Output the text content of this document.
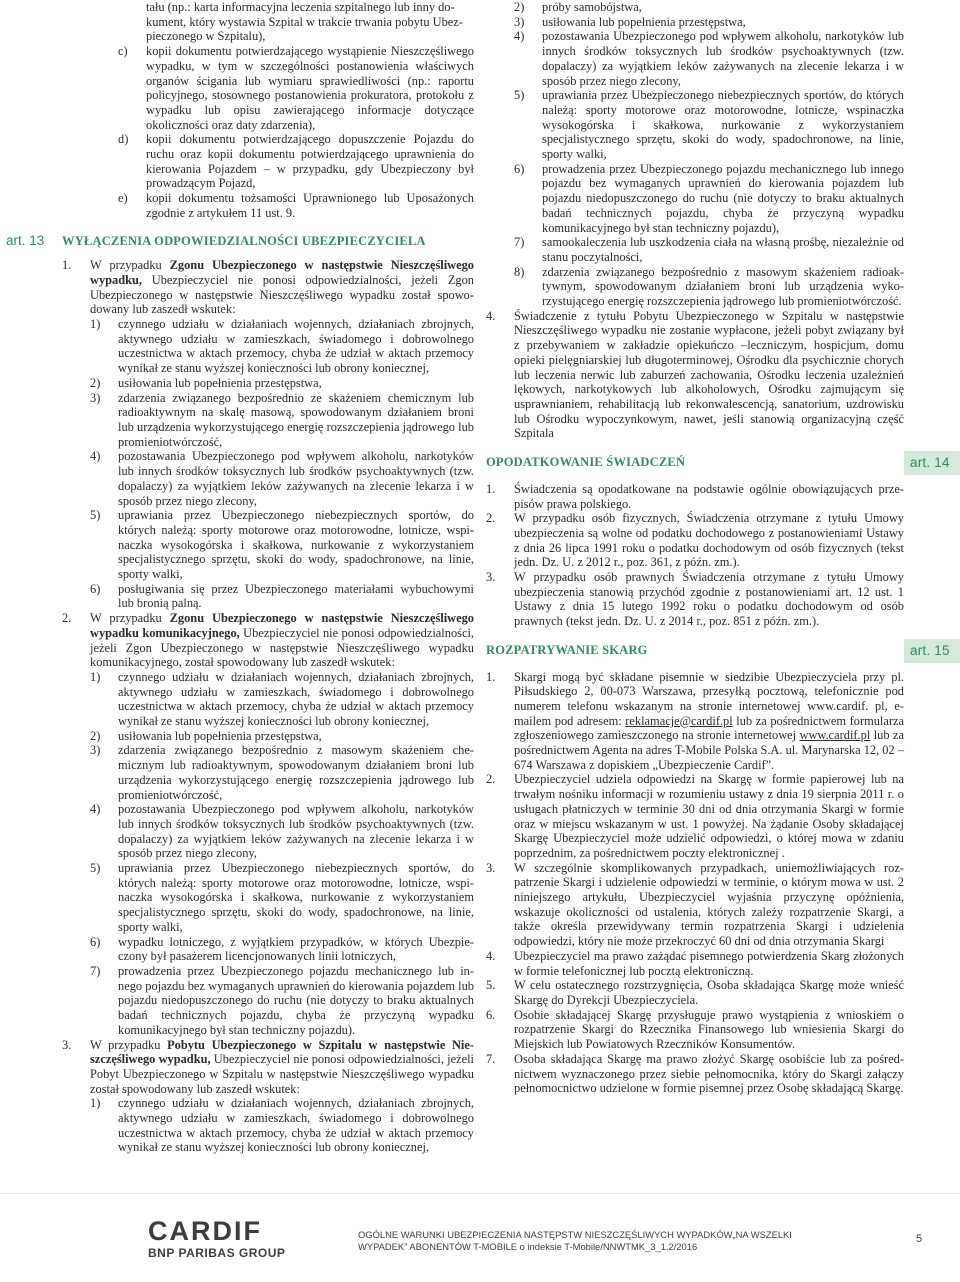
tału (np.: karta informacyjna leczenia szpitalnego lub inny do-
kument, który wystawia Szpital w trakcie trwania pobytu Ubez-
pieczonego w Szpitalu),
c) kopii dokumentu potwierdzającego wystąpienie Nieszczęśliwego wypadku, w tym w szczególności postanowienia właściwych organów ścigania lub wymiaru sprawiedliwości (np.: raportu policyjnego, stosownego postanowienia prokuratora, protokołu z wypadku lub opisu zawierającego informacje dotyczące okoliczności oraz daty zdarzenia),
d) kopii dokumentu potwierdzającego dopuszczenie Pojazdu do ruchu oraz kopii dokumentu potwierdzającego uprawnienia do kierowania Pojazdem – w przypadku, gdy Ubezpieczony był prowadzącym Pojazd,
e) kopii dokumentu tożsamości Uprawnionego lub Uposażonych zgodnie z artykułem 11 ust. 9.
art. 13	WYŁĄCZENIA ODPOWIEDZIALNOŚCI UBEZPIECZYCIELA
1. W przypadku Zgonu Ubezpieczonego w następstwie Nieszczęśliwego wypadku, Ubezpieczyciel nie ponosi odpowiedzialności, jeżeli Zgon Ubezpieczonego w następstwie Nieszczęśliwego wypadku został spowodowany lub zaszedł wskutek:
1) czynnego udziału w działaniach wojennych, działaniach zbrojnych, aktywnego udziału w zamieszkach, świadomego i dobrowolnego uczestnictwa w aktach przemocy, chyba że udział w aktach przemocy wynikał ze stanu wyższej konieczności lub obrony koniecznej,
2) usiłowania lub popełnienia przestępstwa,
3) zdarzenia związanego bezpośrednio ze skażeniem chemicznym lub radioaktywnym na skalę masową, spowodowanym działaniem broni lub urządzenia wykorzystującego energię rozszczepienia jądrowego lub promieniotwórczość,
4) pozostawania Ubezpieczonego pod wpływem alkoholu, narkotyków lub innych środków toksycznych lub środków psychoaktywnych (tzw. dopalaczy) za wyjątkiem leków zażywanych na zlecenie lekarza i w sposób przez niego zlecony,
5) uprawiania przez Ubezpieczonego niebezpiecznych sportów, do których należą: sporty motorowe oraz motorowodne, lotnicze, wspinaczka wysokogórska i skałkowa, nurkowanie z wykorzystaniem specjalistycznego sprzętu, skoki do wody, spadochronowe, na linie, sporty walki,
6) posługiwania się przez Ubezpieczonego materiałami wybuchowymi lub bronią palną.
2. W przypadku Zgonu Ubezpieczonego w następstwie Nieszczęśliwego wypadku komunikacyjnego, Ubezpieczyciel nie ponosi odpowiedzialności, jeżeli Zgon Ubezpieczonego w następstwie Nieszczęśliwego wypadku komunikacyjnego, został spowodowany lub zaszedł wskutek:
1) czynnego udziału w działaniach wojennych, działaniach zbrojnych, aktywnego udziału w zamieszkach, świadomego i dobrowolnego uczestnictwa w aktach przemocy, chyba że udział w aktach przemocy wynikał ze stanu wyższej konieczności lub obrony koniecznej,
2) usiłowania lub popełnienia przestępstwa,
3) zdarzenia związanego bezpośrednio z masowym skażeniem chemicznym lub radioaktywnym, spowodowanym działaniem broni lub urządzenia wykorzystującego energię rozszczepienia jądrowego lub promieniotwórczość,
4) pozostawania Ubezpieczonego pod wpływem alkoholu, narkotyków lub innych środków toksycznych lub środków psychoaktywnych (tzw. dopalaczy) za wyjątkiem leków zażywanych na zlecenie lekarza i w sposób przez niego zlecony,
5) uprawiania przez Ubezpieczonego niebezpiecznych sportów, do których należą: sporty motorowe oraz motorowodne, lotnicze, wspinaczka wysokogórska i skałkowa, nurkowanie z wykorzystaniem specjalistycznego sprzętu, skoki do wody, spadochronowe, na linie, sporty walki,
6) wypadku lotniczego, z wyjątkiem przypadków, w których Ubezpieczony był pasażerem licencjonowanych linii lotniczych,
7) prowadzenia przez Ubezpieczonego pojazdu mechanicznego lub innego pojazdu bez wymaganych uprawnień do kierowania pojazdem lub pojazdu niedopuszczonego do ruchu (nie dotyczy to braku aktualnych badań technicznych pojazdu, chyba że przyczyną wypadku komunikacyjnego był stan techniczny pojazdu).
3. W przypadku Pobytu Ubezpieczonego w Szpitalu w następstwie Nieszczęśliwego wypadku, Ubezpieczyciel nie ponosi odpowiedzialności, jeżeli Pobyt Ubezpieczonego w Szpitalu w następstwie Nieszczęśliwego wypadku został spowodowany lub zaszedł wskutek:
1) czynnego udziału w działaniach wojennych, działaniach zbrojnych, aktywnego udziału w zamieszkach, świadomego i dobrowolnego uczestnictwa w aktach przemocy, chyba że udział w aktach przemocy wynikał ze stanu wyższej konieczności lub obrony koniecznej,
2) próby samobójstwa,
3) usiłowania lub popełnienia przestępstwa,
4) pozostawania Ubezpieczonego pod wpływem alkoholu, narkotyków lub innych środków toksycznych lub środków psychoaktywnych (tzw. dopalaczy) za wyjątkiem leków zażywanych na zlecenie lekarza i w sposób przez niego zlecony,
5) uprawiania przez Ubezpieczonego niebezpiecznych sportów, do których należą: sporty motorowe oraz motorowodne, lotnicze, wspinaczka wysokogórska i skałkowa, nurkowanie z wykorzystaniem specjalistycznego sprzętu, skoki do wody, spadochronowe, na linie, sporty walki,
6) prowadzenia przez Ubezpieczonego pojazdu mechanicznego lub innego pojazdu bez wymaganych uprawnień do kierowania pojazdem lub pojazdu niedopuszczonego do ruchu (nie dotyczy to braku aktualnych badań technicznych pojazdu, chyba że przyczyną wypadku komunikacyjnego był stan techniczny pojazdu),
7) samookaleczenia lub uszkodzenia ciała na własną prośbę, niezależnie od stanu poczytalności,
8) zdarzenia związanego bezpośrednio z masowym skażeniem radioaktywnym, spowodowanym działaniem broni lub urządzenia wykorzystującego energię rozszczepienia jądrowego lub promieniotwórczość.
4. Świadczenie z tytułu Pobytu Ubezpieczonego w Szpitalu w następstwie Nieszczęśliwego wypadku nie zostanie wypłacone, jeżeli pobyt związany był z przebywaniem w zakładzie opiekuńczo –leczniczym, hospicjum, domu opieki pielęgniarskiej lub długoterminowej, Ośrodku dla psychicznie chorych lub leczenia nerwic lub zaburzeń zachowania, Ośrodku leczenia uzależnień lękowych, narkotykowych lub alkoholowych, Ośrodku zajmującym się usprawnianiem, rehabilitacją lub rekonwalescencją, sanatorium, uzdrowisku lub Ośrodku wypoczynkowym, nawet, jeśli stanowią organizacyjną część Szpitala
OPODATKOWANIE ŚWIADCZEŃ	art. 14
1. Świadczenia są opodatkowane na podstawie ogólnie obowiązujących przepisów prawa polskiego.
2. W przypadku osób fizycznych, Świadczenia otrzymane z tytułu Umowy ubezpieczenia są wolne od podatku dochodowego z postanowieniami Ustawy z dnia 26 lipca 1991 roku o podatku dochodowym od osób fizycznych (tekst jedn. Dz. U. z 2012 r., poz. 361, z późn. zm.).
3. W przypadku osób prawnych Świadczenia otrzymane z tytułu Umowy ubezpieczenia stanowią przychód zgodnie z postanowieniami art. 12 ust. 1 Ustawy z dnia 15 lutego 1992 roku o podatku dochodowym od osób prawnych (tekst jedn. Dz. U. z 2014 r., poz. 851 z późn. zm.).
ROZPATRYWANIE SKARG	art. 15
1. Skargi mogą być składane pisemnie w siedzibie Ubezpieczyciela przy pl. Piłsudskiego 2, 00-073 Warszawa, przesyłką pocztową, telefonicznie pod numerem telefonu wskazanym na stronie internetowej www.cardif. pl, e-mailem pod adresem: reklamacje@cardif.pl lub za pośrednictwem formularza zgłoszeniowego zamieszczonego na stronie internetowej www.cardif.pl lub za pośrednictwem Agenta na adres T-Mobile Polska S.A. ul. Marynarska 12, 02 –674 Warszawa z dopiskiem „Ubezpieczenie Cardif”.
2. Ubezpieczyciel udziela odpowiedzi na Skargę w formie papierowej lub na trwałym nośniku informacji w rozumieniu ustawy z dnia 19 sierpnia 2011 r. o usługach płatniczych w terminie 30 dni od dnia otrzymania Skargi w formie oraz w miejscu wskazanym w ust. 1 powyżej. Na żądanie Osoby składającej Skargę Ubezpieczyciel może udzielić odpowiedzi, o której mowa w zdaniu poprzednim, za pośrednictwem poczty elektronicznej .
3. W szczególnie skomplikowanych przypadkach, uniemożliwiających rozpatrzenie Skargi i udzielenie odpowiedzi w terminie, o którym mowa w ust. 2 niniejszego artykułu, Ubezpieczyciel wyjaśnia przyczynę opóźnienia, wskazuje okoliczności od ustalenia, których zależy rozpatrzenie Skargi, a także określa przewidywany termin rozpatrzenia Skargi i udzielenia odpowiedzi, który nie może przekroczyć 60 dni od dnia otrzymania Skargi
4. Ubezpieczyciel ma prawo zażądać pisemnego potwierdzenia Skarg złożonych w formie telefonicznej lub pocztą elektroniczną.
5. W celu ostatecznego rozstrzygnięcia, Osoba składająca Skargę może wnieść Skargę do Dyrekcji Ubezpieczyciela.
6. Osobie składającej Skargę przysługuje prawo wystąpienia z wnioskiem o rozpatrzenie Skargi do Rzecznika Finansowego lub wniesienia Skargi do Miejskich lub Powiatowych Rzeczników Konsumentów.
7. Osoba składająca Skargę ma prawo złożyć Skargę osobiście lub za pośrednictwem wyznaczonego przez siebie pełnomocnika, który do Skargi załączy pełnomocnictwo udzielone w formie pisemnej przez Osobę składającą Skargę.
CARDIF
BNP PARIBAS GROUP
OGÓLNE WARUNKI UBEZPIECZENIA NASTĘPSTW NIESZCZĘŚLIWYCH WYPADKÓW„NA WSZELKI
WYPADEK” ABONENTÓW T-MOBILE o indeksie T-Mobile/NNWTMK_3_1.2/2016
5
